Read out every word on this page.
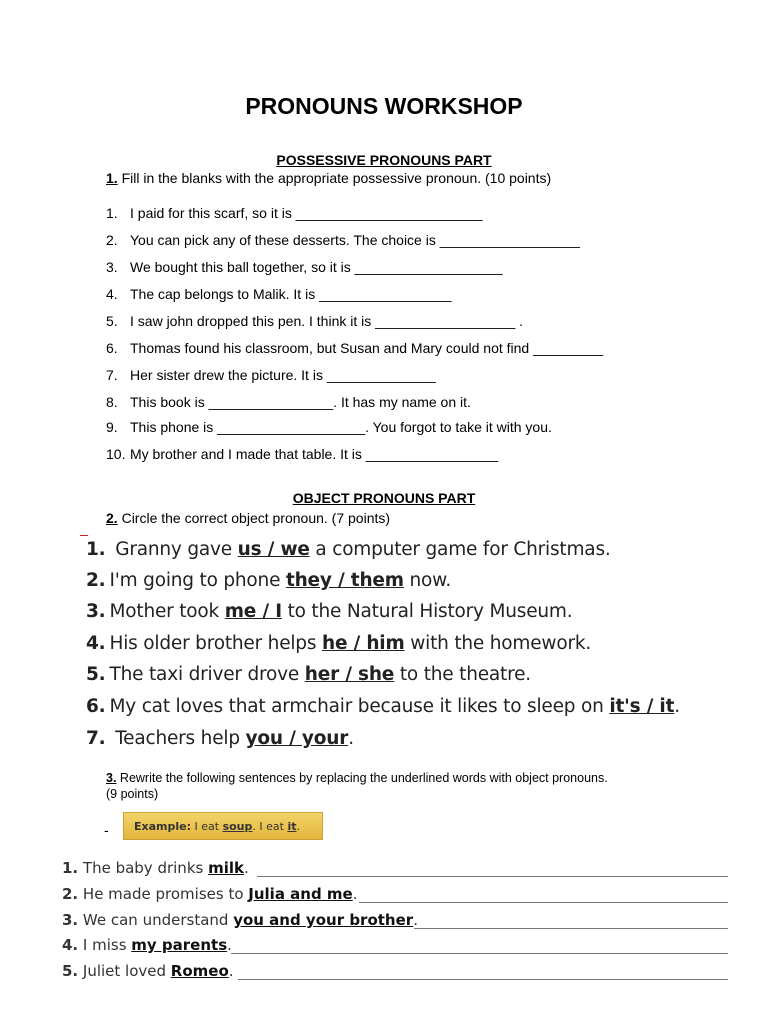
PRONOUNS WORKSHOP
POSSESSIVE PRONOUNS PART
1. Fill in the blanks with the appropriate possessive pronoun. (10 points)
1. I paid for this scarf, so it is ________________________
2. You can pick any of these desserts. The choice is __________________
3. We bought this ball together, so it is ___________________
4. The cap belongs to Malik. It is _________________
5. I saw john dropped this pen. I think it is __________________ .
6. Thomas found his classroom, but Susan and Mary could not find _________
7. Her sister drew the picture. It is ______________
8. This book is ________________. It has my name on it.
9. This phone is ___________________. You forgot to take it with you.
10. My brother and I made that table. It is _________________
OBJECT PRONOUNS PART
2. Circle the correct object pronoun. (7 points)
1. Granny gave us / we a computer game for Christmas.
2. I'm going to phone they / them now.
3. Mother took me / I to the Natural History Museum.
4. His older brother helps he / him with the homework.
5. The taxi driver drove her / she to the theatre.
6. My cat loves that armchair because it likes to sleep on it's / it.
7. Teachers help you / your.
3. Rewrite the following sentences by replacing the underlined words with object pronouns.
(9 points)
-	Example: I eat soup. I eat it.
1. The baby drinks milk.
2. He made promises to Julia and me.
3. We can understand you and your brother.
4. I miss my parents.
5. Juliet loved Romeo.
